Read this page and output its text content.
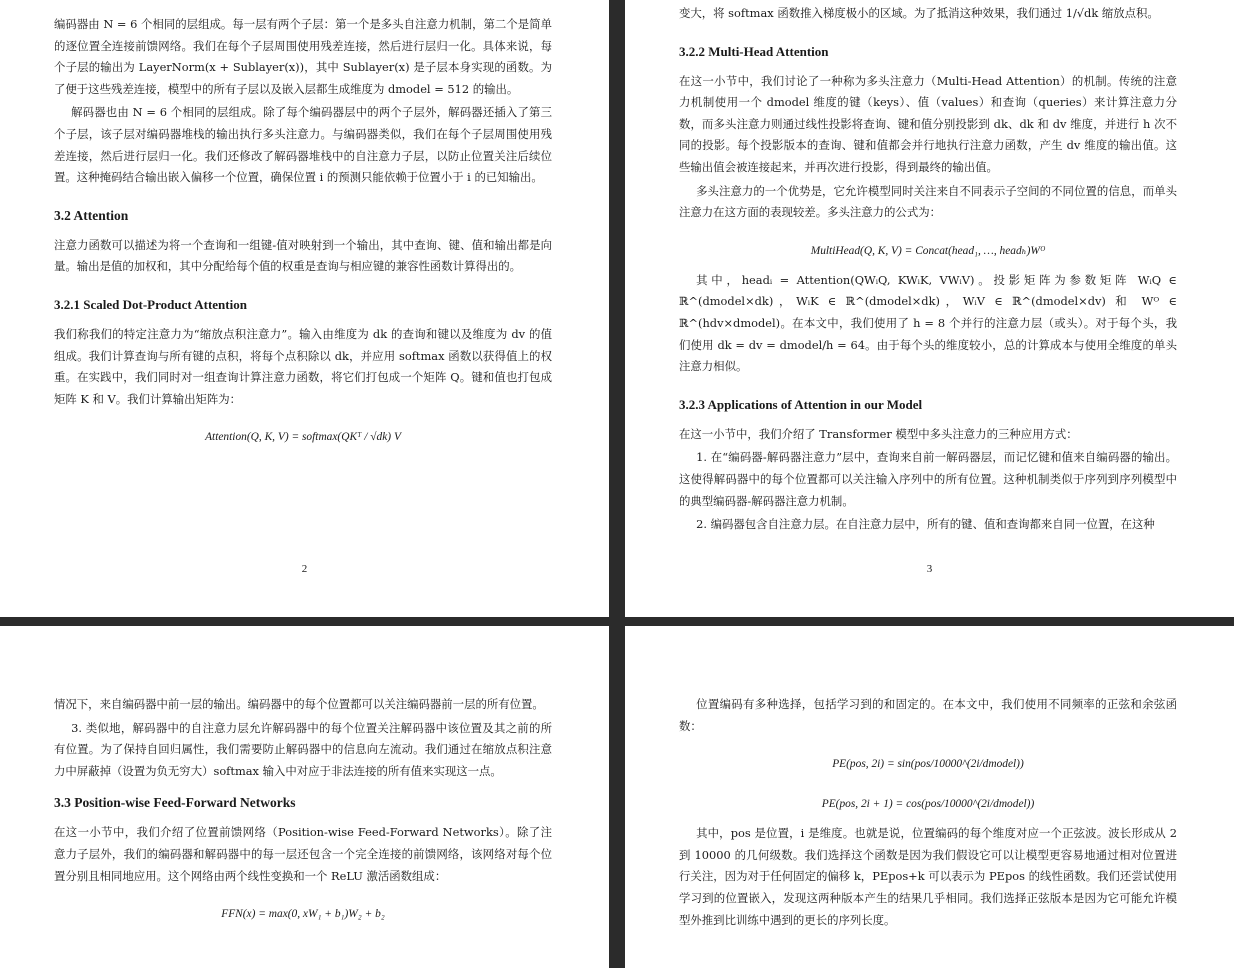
编码器由 N = 6 个相同的层组成。每一层有两个子层：第一个是多头自注意力机制，第二个是简单的逐位置全连接前馈网络。我们在每个子层周围使用残差连接，然后进行层归一化。具体来说，每个子层的输出为 LayerNorm(x + Sublayer(x))，其中 Sublayer(x) 是子层本身实现的函数。为了便于这些残差连接，模型中的所有子层以及嵌入层都生成维度为 dmodel = 512 的输出。

解码器也由 N = 6 个相同的层组成。除了每个编码器层中的两个子层外，解码器还插入了第三个子层，该子层对编码器堆栈的输出执行多头注意力。与编码器类似，我们在每个子层周围使用残差连接，然后进行层归一化。我们还修改了解码器堆栈中的自注意力子层，以防止位置关注后续位置。这种掩码结合输出嵌入偏移一个位置，确保位置 i 的预测只能依赖于位置小于 i 的已知输出。

3.2 Attention

注意力函数可以描述为将一个查询和一组键-值对映射到一个输出，其中查询、键、值和输出都是向量。输出是值的加权和，其中分配给每个值的权重是查询与相应键的兼容性函数计算得出的。

3.2.1 Scaled Dot-Product Attention

我们称我们的特定注意力为“缩放点积注意力”。输入由维度为 dk 的查询和键以及维度为 dv 的值组成。我们计算查询与所有键的点积，将每个点积除以 dk，并应用 softmax 函数以获得值上的权重。在实践中，我们同时对一组查询计算注意力函数，将它们打包成一个矩阵 Q。键和值也打包成矩阵 K 和 V。我们计算输出矩阵为：

Attention(Q, K, V) = softmax(QKᵀ / √dk) V
2

变大，将 softmax 函数推入梯度极小的区域。为了抵消这种效果，我们通过 1/√dk 缩放点积。

3.2.2 Multi-Head Attention

在这一小节中，我们讨论了一种称为多头注意力（Multi-Head Attention）的机制。传统的注意力机制使用一个 dmodel 维度的键（keys）、值（values）和查询（queries）来计算注意力分数，而多头注意力则通过线性投影将查询、键和值分别投影到 dk、dk 和 dv 维度，并进行 h 次不同的投影。每个投影版本的查询、键和值都会并行地执行注意力函数，产生 dv 维度的输出值。这些输出值会被连接起来，并再次进行投影，得到最终的输出值。

多头注意力的一个优势是，它允许模型同时关注来自不同表示子空间的不同位置的信息，而单头注意力在这方面的表现较差。多头注意力的公式为：

MultiHead(Q, K, V) = Concat(head₁, …, headₕ)Wᴼ

其中，headᵢ = Attention(QWᵢQ, KWᵢK, VWᵢV)。投影矩阵为参数矩阵 WᵢQ ∈ ℝ^(dmodel×dk)，WᵢK ∈ ℝ^(dmodel×dk)，WᵢV ∈ ℝ^(dmodel×dv) 和 Wᴼ ∈ ℝ^(hdv×dmodel)。在本文中，我们使用了 h = 8 个并行的注意力层（或头）。对于每个头，我们使用 dk = dv = dmodel/h = 64。由于每个头的维度较小，总的计算成本与使用全维度的单头注意力相似。

3.2.3 Applications of Attention in our Model

在这一小节中，我们介绍了 Transformer 模型中多头注意力的三种应用方式：

1. 在“编码器-解码器注意力”层中，查询来自前一解码器层，而记忆键和值来自编码器的输出。这使得解码器中的每个位置都可以关注输入序列中的所有位置。这种机制类似于序列到序列模型中的典型编码器-解码器注意力机制。

2. 编码器包含自注意力层。在自注意力层中，所有的键、值和查询都来自同一位置，在这种

3

情况下，来自编码器中前一层的输出。编码器中的每个位置都可以关注编码器前一层的所有位置。

3. 类似地，解码器中的自注意力层允许解码器中的每个位置关注解码器中该位置及其之前的所有位置。为了保持自回归属性，我们需要防止解码器中的信息向左流动。我们通过在缩放点积注意力中屏蔽掉（设置为负无穷大）softmax 输入中对应于非法连接的所有值来实现这一点。

3.3 Position-wise Feed-Forward Networks

在这一小节中，我们介绍了位置前馈网络（Position-wise Feed-Forward Networks）。除了注意力子层外，我们的编码器和解码器中的每一层还包含一个完全连接的前馈网络，该网络对每个位置分别且相同地应用。这个网络由两个线性变换和一个 ReLU 激活函数组成：

FFN(x) = max(0, xW₁ + b₁)W₂ + b₂

位置编码有多种选择，包括学习到的和固定的。在本文中，我们使用不同频率的正弦和余弦函数：

PE(pos, 2i) = sin(pos/10000^(2i/dmodel))
PE(pos, 2i + 1) = cos(pos/10000^(2i/dmodel))

其中，pos 是位置，i 是维度。也就是说，位置编码的每个维度对应一个正弦波。波长形成从 2 到 10000 的几何级数。我们选择这个函数是因为我们假设它可以让模型更容易地通过相对位置进行关注，因为对于任何固定的偏移 k，PEpos+k 可以表示为 PEpos 的线性函数。我们还尝试使用学习到的位置嵌入，发现这两种版本产生的结果几乎相同。我们选择正弦版本是因为它可能允许模型外推到比训练中遇到的更长的序列长度。
